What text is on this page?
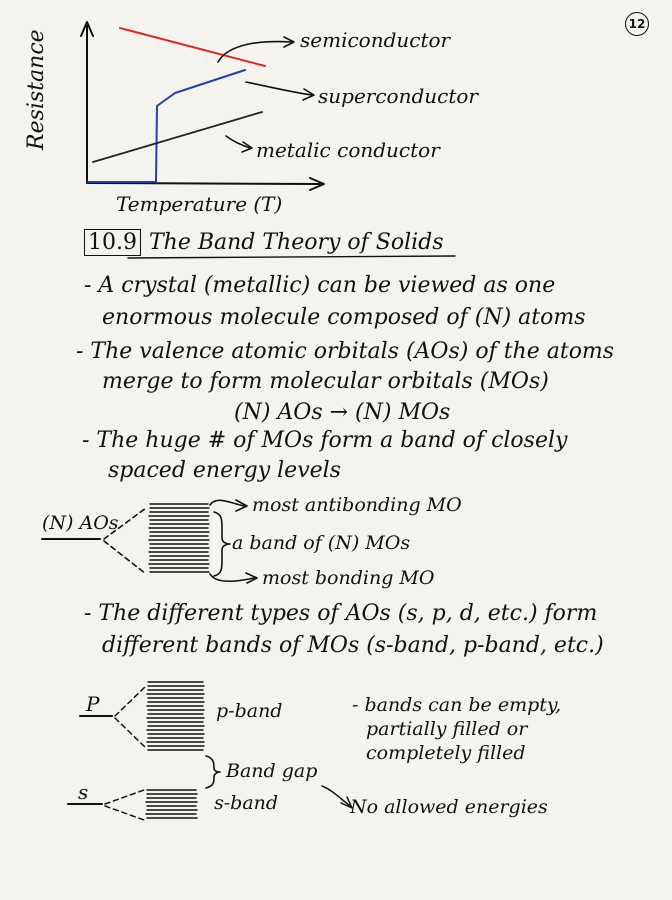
12
Resistance
Temperature (T)
semiconductor
superconductor
metalic conductor
10.9 The Band Theory of Solids
- A crystal (metallic) can be viewed as one
enormous molecule composed of (N) atoms
- The valence atomic orbitals (AOs) of the atoms
merge to form molecular orbitals (MOs)
(N) AOs → (N) MOs
- The huge # of MOs form a band of closely
spaced energy levels
(N) AOs
most antibonding MO
a band of (N) MOs
most bonding MO
- The different types of AOs (s, p, d, etc.) form
different bands of MOs (s-band, p-band, etc.)
P	p-band
Band gap
s	s-band	No allowed energies
- bands can be empty,
partially filled or
completely filled
